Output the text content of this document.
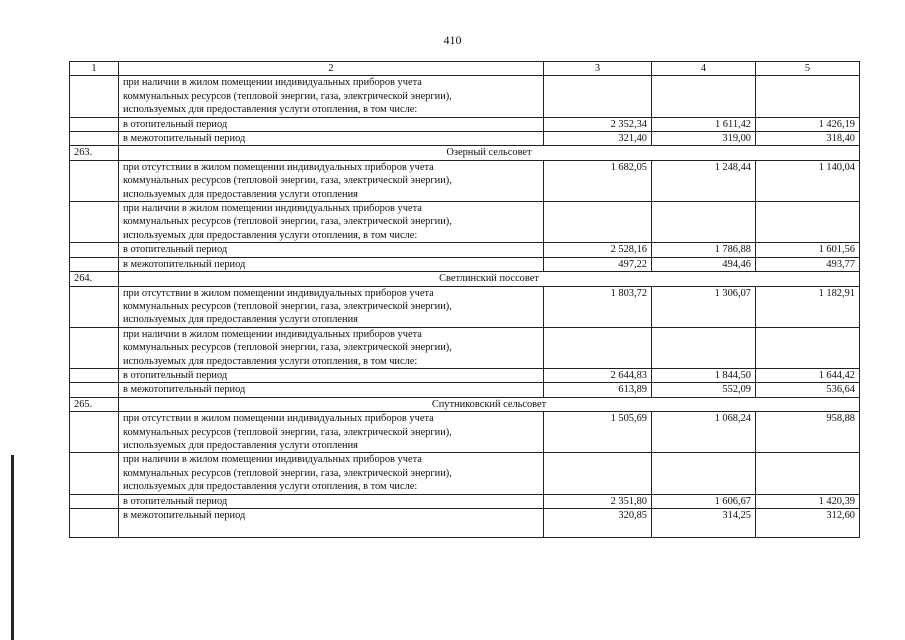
410
1	2	3	4	5

	при наличии в жилом помещении индивидуальных приборов учета
коммунальных ресурсов (тепловой энергии, газа, электрической энергии),
используемых для предоставления услуги отопления, в том числе:			

	в отопительный период	2 352,34	1 611,42	1 426,19
	в межотопительный период	321,40	319,00	318,40
263.	Озерный сельсовет			

	при отсутствии в жилом помещении индивидуальных приборов учета
коммунальных ресурсов (тепловой энергии, газа, электрической энергии),
используемых для предоставления услуги отопления	1 682,05	1 248,44	1 140,04

	при наличии в жилом помещении индивидуальных приборов учета
коммунальных ресурсов (тепловой энергии, газа, электрической энергии),
используемых для предоставления услуги отопления, в том числе:			

	в отопительный период	2 528,16	1 786,88	1 601,56
	в межотопительный период	497,22	494,46	493,77
264.	Светлинский поссовет			

	при отсутствии в жилом помещении индивидуальных приборов учета
коммунальных ресурсов (тепловой энергии, газа, электрической энергии),
используемых для предоставления услуги отопления	1 803,72	1 306,07	1 182,91

	при наличии в жилом помещении индивидуальных приборов учета
коммунальных ресурсов (тепловой энергии, газа, электрической энергии),
используемых для предоставления услуги отопления, в том числе:			

	в отопительный период	2 644,83	1 844,50	1 644,42
	в межотопительный период	613,89	552,09	536,64
265.	Спутниковский сельсовет			

	при отсутствии в жилом помещении индивидуальных приборов учета
коммунальных ресурсов (тепловой энергии, газа, электрической энергии),
используемых для предоставления услуги отопления	1 505,69	1 068,24	958,88

	при наличии в жилом помещении индивидуальных приборов учета
коммунальных ресурсов (тепловой энергии, газа, электрической энергии),
используемых для предоставления услуги отопления, в том числе:			

	в отопительный период	2 351,80	1 606,67	1 420,39
	в межотопительный период	320,85	314,25	312,60
